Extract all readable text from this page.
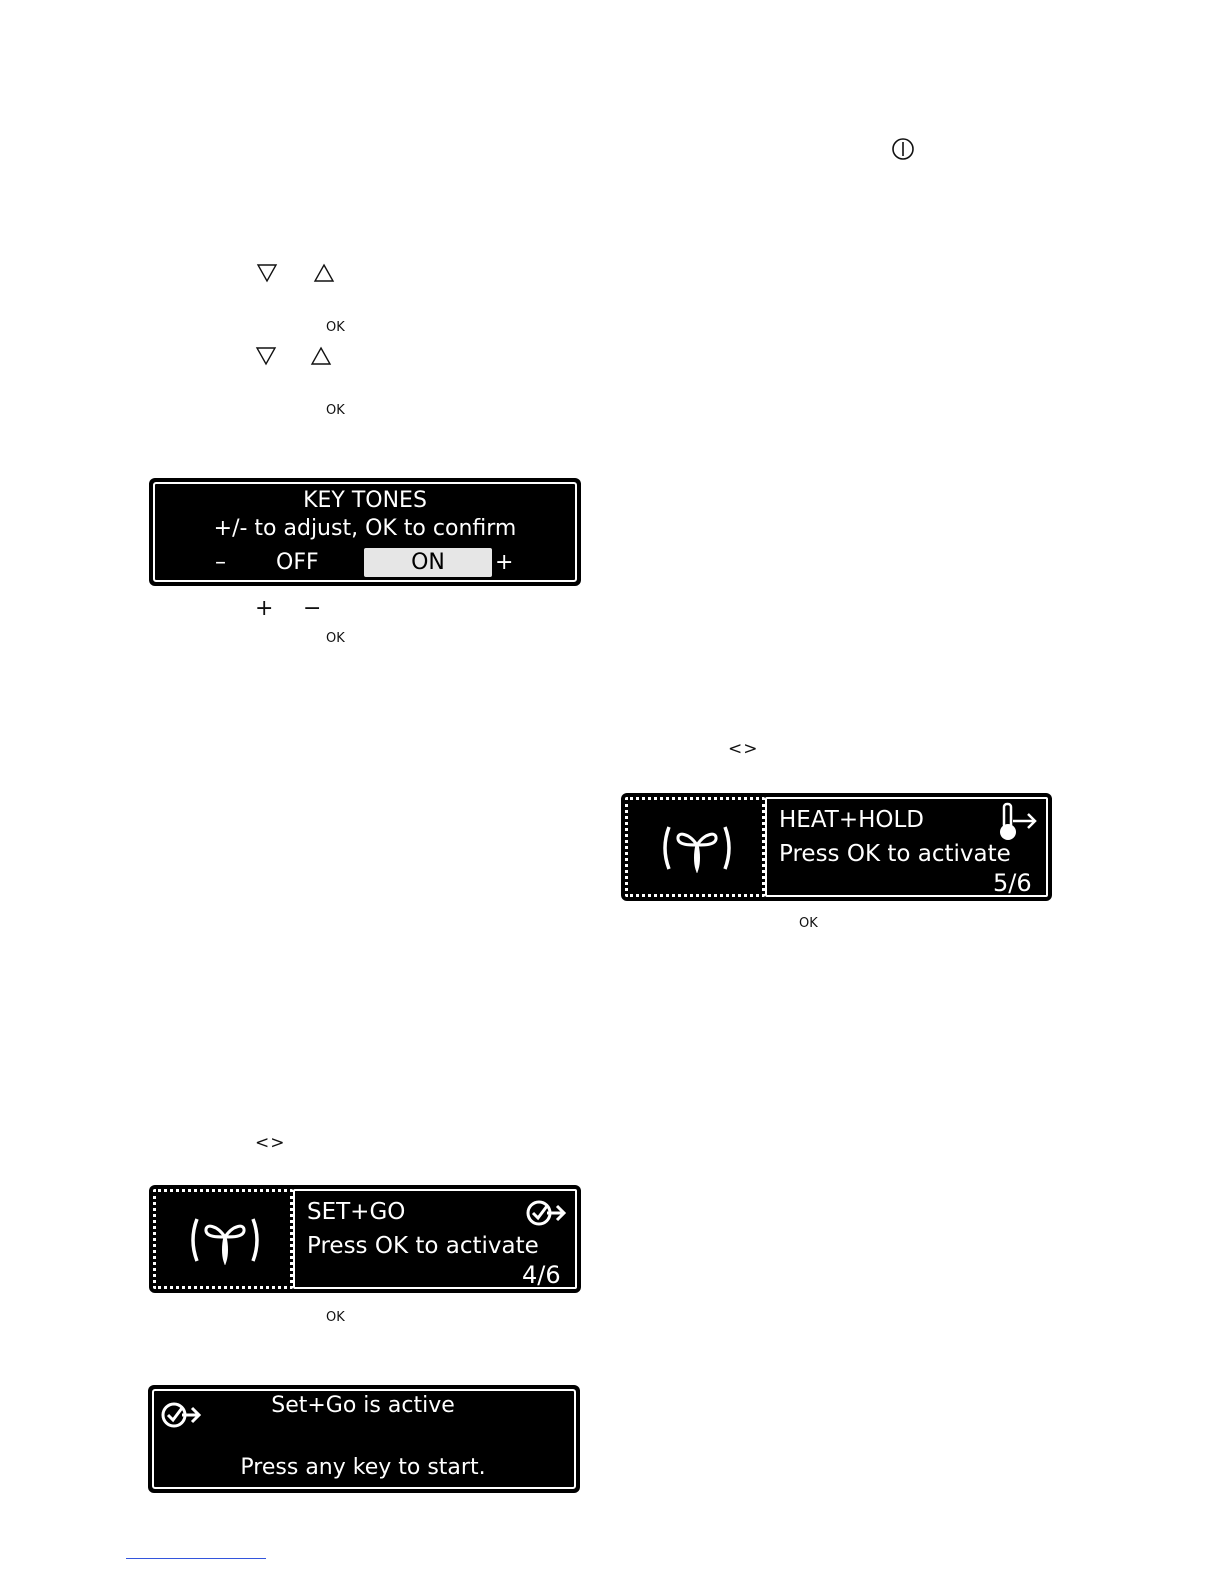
OK
OK
KEY TONES
+/- to adjust, OK to confirm
– OFF	ON	+
+ −
OK
<>
HEAT+HOLD
Press OK to activate
5/6
OK
<>
SET+GO
Press OK to activate
4/6
OK
Set+Go is active
Press any key to start.
